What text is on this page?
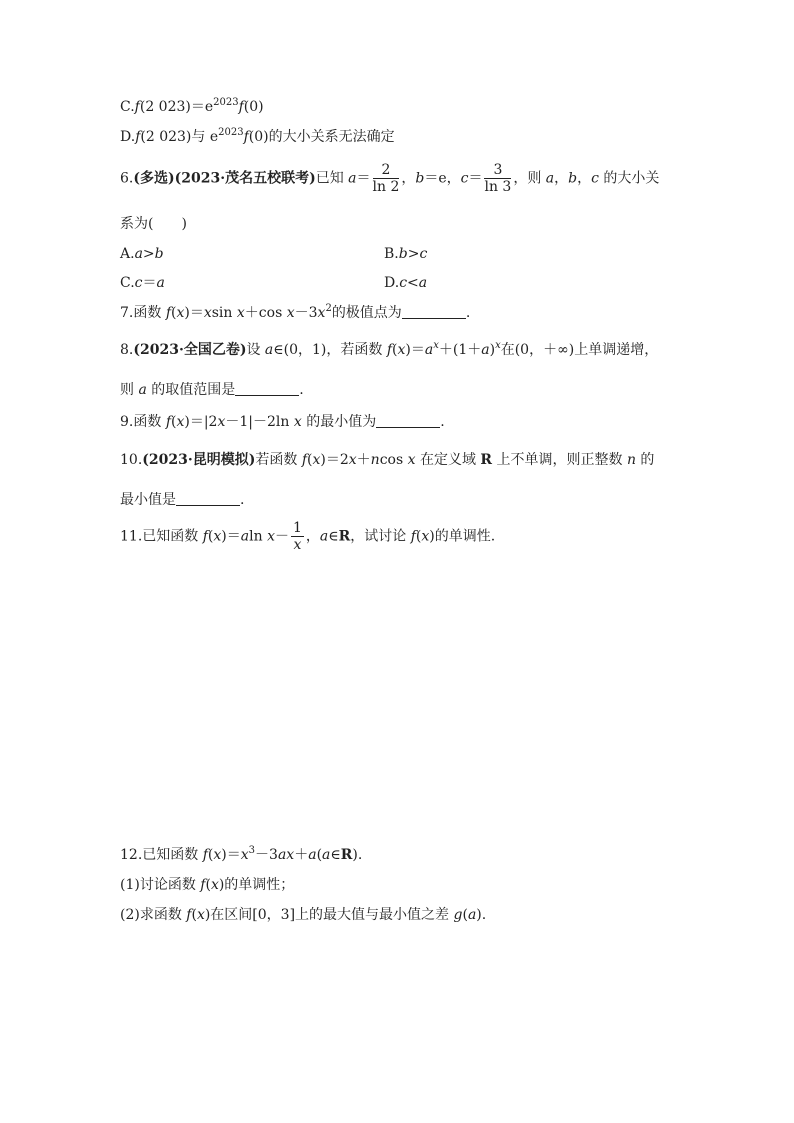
C.f(2 $023)=e^{2023}f(0)$
D.f(2 023)与 $e^{2023}f(0)$的大小关系无法确定
6.(多选)(2023·茂名五校联考)已知 $a= \frac{2}{\ln 2}$ ，b＝e，$c= \frac{3}{\ln 3}$ ，则 a，b，c 的大小关
系为(　　)
A.a>b	B.b>c
C.c＝a	D.c<a
7.函数 f(x)＝xsin x＋cos $x-3x^2$的极值点为	.
8.(2023·全国乙卷)设 a∈(0，1)，若函数 $f(x)=a^x+(1+a)^x$在(0，＋∞)上单调递增，
则 a 的取值范围是	.
9.函数 f(x)＝|2x－1|－2ln x 的最小值为	.
10.(2023·昆明模拟)若函数 f(x)＝2x＋ncos x 在定义域 R 上不单调，则正整数 n 的
最小值是	.
11.已知函数 f(x)＝aln $x- \frac{1}{x}$ ，a∈R，试讨论 f(x)的单调性.
12.已知函数 $f(x)=x^3-3ax+a(a\in R)$.
(1)讨论函数 f(x)的单调性；
(2)求函数 f(x)在区间[0，3]上的最大值与最小值之差 g(a).
